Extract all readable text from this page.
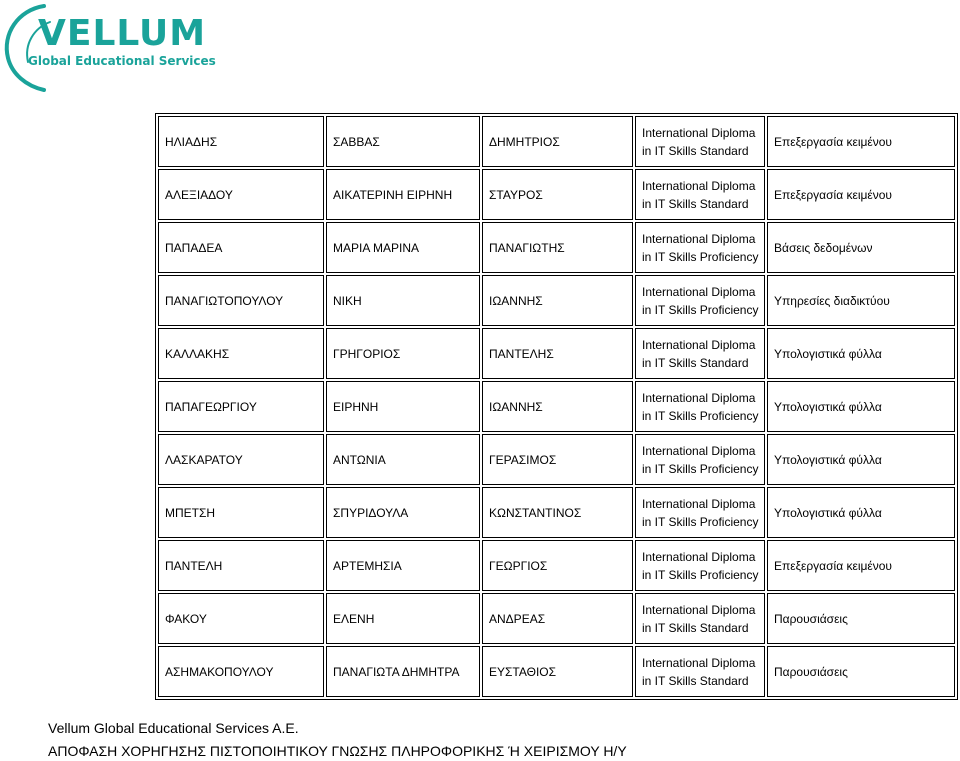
VELLUM
Global Educational Services
ΗΛΙΑΔΗΣ	ΣΑΒΒΑΣ	ΔΗΜΗΤΡΙΟΣ	International Diploma
in IT Skills Standard	Επεξεργασία κειμένου
ΑΛΕΞΙΑΔΟΥ	ΑΙΚΑΤΕΡΙΝΗ ΕΙΡΗΝΗ	ΣΤΑΥΡΟΣ	International Diploma
in IT Skills Standard	Επεξεργασία κειμένου
ΠΑΠΑΔΕΑ	ΜΑΡΙΑ ΜΑΡΙΝΑ	ΠΑΝΑΓΙΩΤΗΣ	International Diploma
in IT Skills Proficiency	Βάσεις δεδομένων
ΠΑΝΑΓΙΩΤΟΠΟΥΛΟΥ	ΝΙΚΗ	ΙΩΑΝΝΗΣ	International Diploma
in IT Skills Proficiency	Υπηρεσίες διαδικτύου
ΚΑΛΛΑΚΗΣ	ΓΡΗΓΟΡΙΟΣ	ΠΑΝΤΕΛΗΣ	International Diploma
in IT Skills Standard	Υπολογιστικά φύλλα
ΠΑΠΑΓΕΩΡΓΙΟΥ	ΕΙΡΗΝΗ	ΙΩΑΝΝΗΣ	International Diploma
in IT Skills Proficiency	Υπολογιστικά φύλλα
ΛΑΣΚΑΡΑΤΟΥ	ΑΝΤΩΝΙΑ	ΓΕΡΑΣΙΜΟΣ	International Diploma
in IT Skills Proficiency	Υπολογιστικά φύλλα
ΜΠΕΤΣΗ	ΣΠΥΡΙΔΟΥΛΑ	ΚΩΝΣΤΑΝΤΙΝΟΣ	International Diploma
in IT Skills Proficiency	Υπολογιστικά φύλλα
ΠΑΝΤΕΛΗ	ΑΡΤΕΜΗΣΙΑ	ΓΕΩΡΓΙΟΣ	International Diploma
in IT Skills Proficiency	Επεξεργασία κειμένου
ΦΑΚΟΥ	ΕΛΕΝΗ	ΑΝΔΡΕΑΣ	International Diploma
in IT Skills Standard	Παρουσιάσεις
ΑΣΗΜΑΚΟΠΟΥΛΟΥ	ΠΑΝΑΓΙΩΤΑ ΔΗΜΗΤΡΑ	ΕΥΣΤΑΘΙΟΣ	International Diploma
in IT Skills Standard	Παρουσιάσεις
Vellum Global Educational Services A.E.
ΑΠΟΦΑΣΗ ΧΟΡΗΓΗΣΗΣ ΠΙΣΤΟΠΟΙΗΤΙΚΟΥ ΓΝΩΣΗΣ ΠΛΗΡΟΦΟΡΙΚΗΣ Ή ΧΕΙΡΙΣΜΟΥ Η/Υ
